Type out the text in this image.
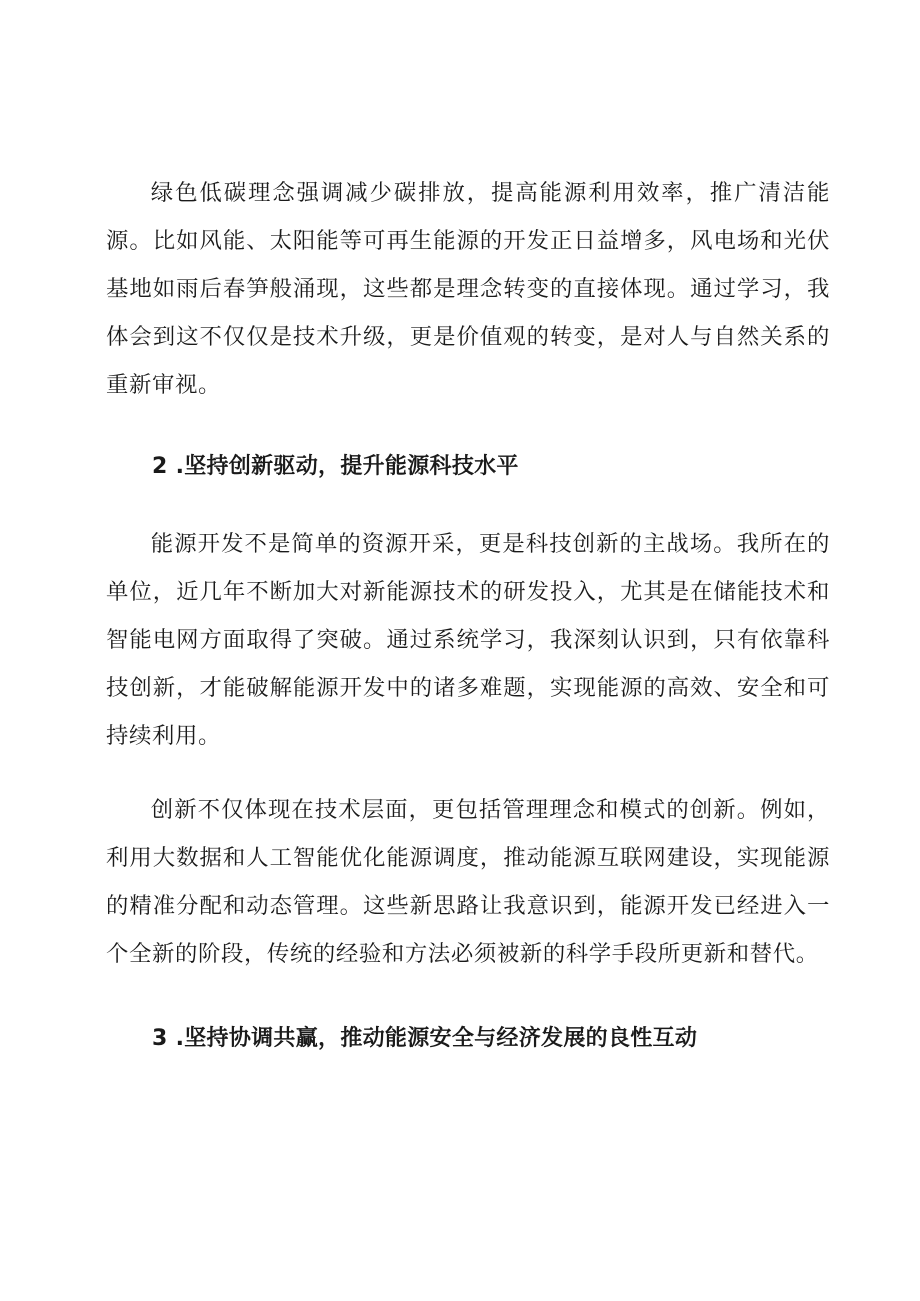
绿色低碳理念强调减少碳排放，提高能源利用效率，推广清洁能源。比如风能、太阳能等可再生能源的开发正日益增多，风电场和光伏基地如雨后春笋般涌现，这些都是理念转变的直接体现。通过学习，我体会到这不仅仅是技术升级，更是价值观的转变，是对人与自然关系的重新审视。

2 .坚持创新驱动，提升能源科技水平

能源开发不是简单的资源开采，更是科技创新的主战场。我所在的单位，近几年不断加大对新能源技术的研发投入，尤其是在储能技术和智能电网方面取得了突破。通过系统学习，我深刻认识到，只有依靠科技创新，才能破解能源开发中的诸多难题，实现能源的高效、安全和可持续利用。

创新不仅体现在技术层面，更包括管理理念和模式的创新。例如，利用大数据和人工智能优化能源调度，推动能源互联网建设，实现能源的精准分配和动态管理。这些新思路让我意识到，能源开发已经进入一个全新的阶段，传统的经验和方法必须被新的科学手段所更新和替代。

3 .坚持协调共赢，推动能源安全与经济发展的良性互动
